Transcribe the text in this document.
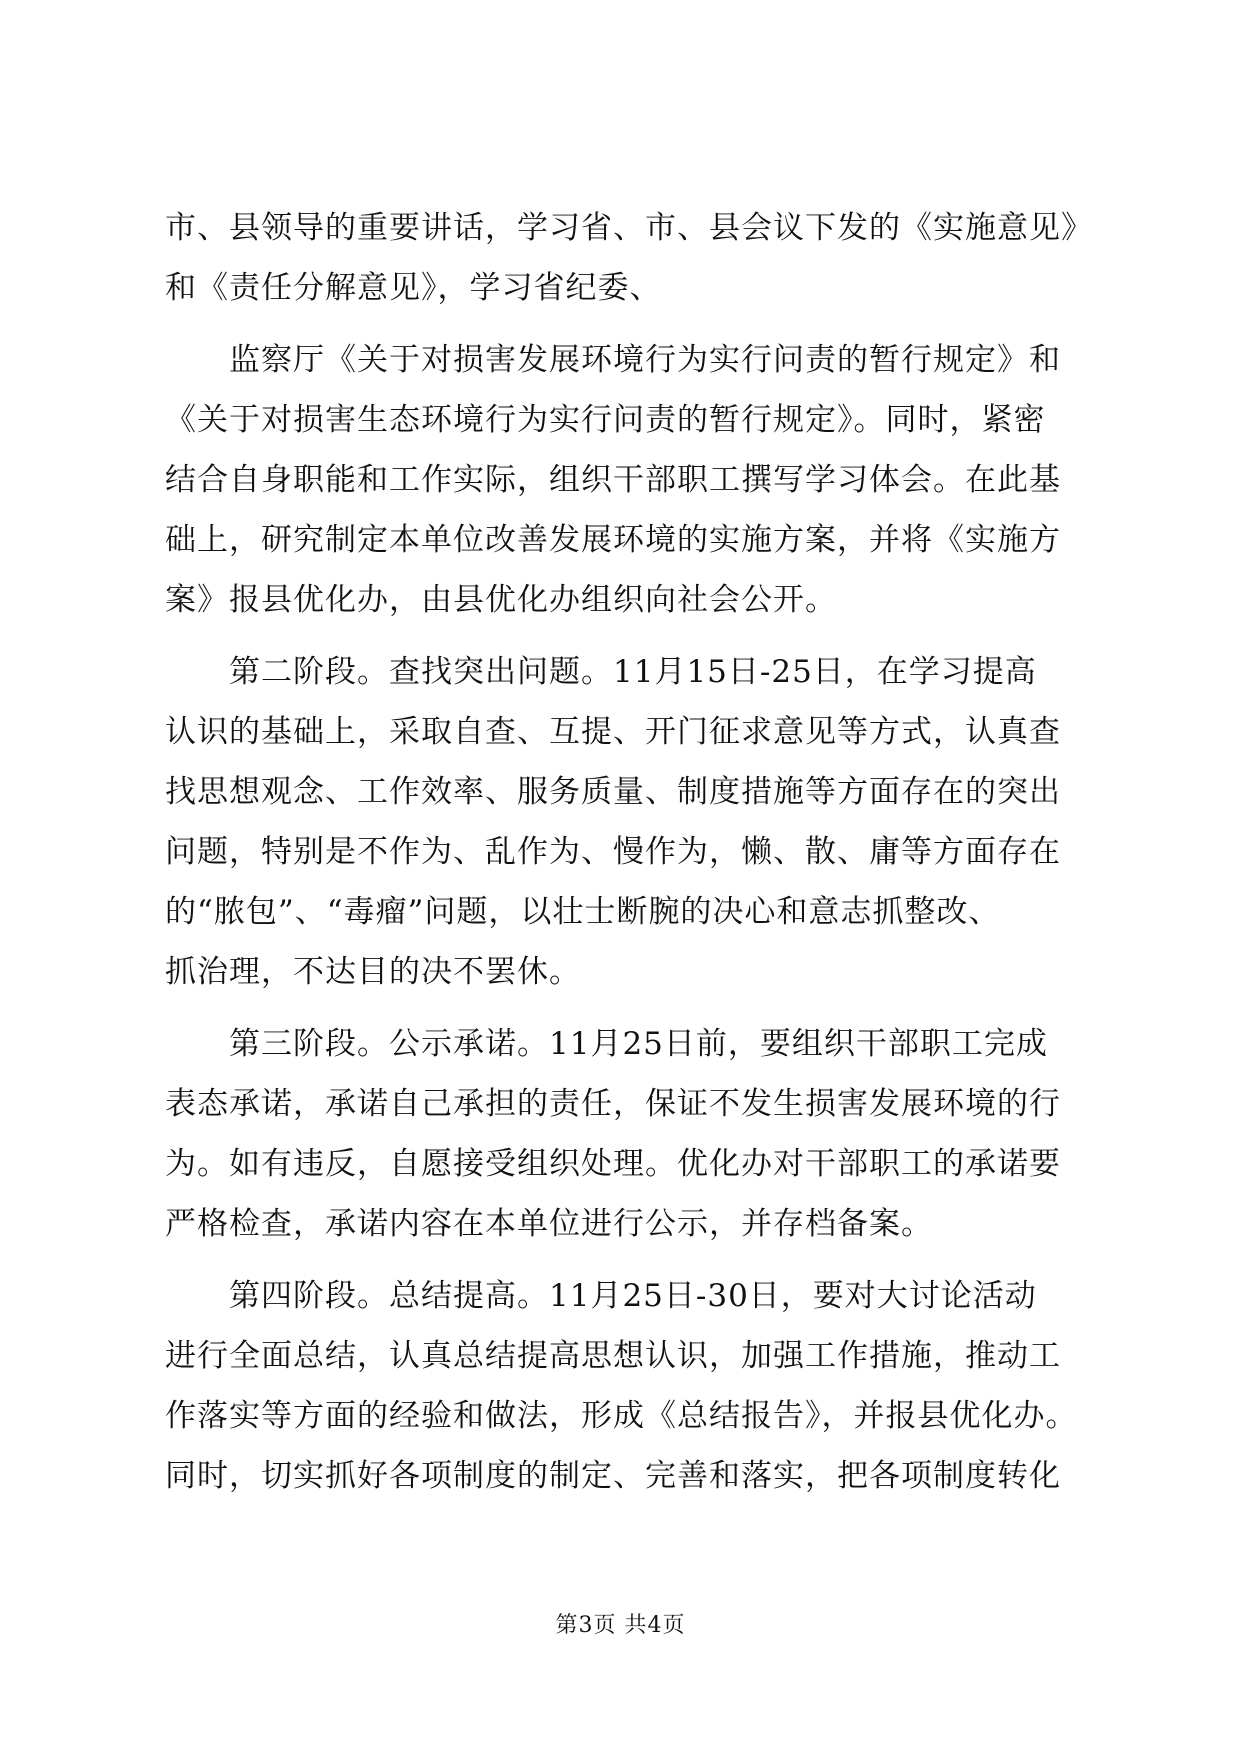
市、县领导的重要讲话，学习省、市、县会议下发的《实施意见》
和《责任分解意见》，学习省纪委、
　　监察厅《关于对损害发展环境行为实行问责的暂行规定》和
《关于对损害生态环境行为实行问责的暂行规定》。同时，紧密
结合自身职能和工作实际，组织干部职工撰写学习体会。在此基
础上，研究制定本单位改善发展环境的实施方案，并将《实施方
案》报县优化办，由县优化办组织向社会公开。
　　第二阶段。查找突出问题。11月15日-25日，在学习提高
认识的基础上，采取自查、互提、开门征求意见等方式，认真查
找思想观念、工作效率、服务质量、制度措施等方面存在的突出
问题，特别是不作为、乱作为、慢作为，懒、散、庸等方面存在
的“脓包”、“毒瘤”问题，以壮士断腕的决心和意志抓整改、
抓治理，不达目的决不罢休。
　　第三阶段。公示承诺。11月25日前，要组织干部职工完成
表态承诺，承诺自己承担的责任，保证不发生损害发展环境的行
为。如有违反，自愿接受组织处理。优化办对干部职工的承诺要
严格检查，承诺内容在本单位进行公示，并存档备案。
　　第四阶段。总结提高。11月25日-30日，要对大讨论活动
进行全面总结，认真总结提高思想认识，加强工作措施，推动工
作落实等方面的经验和做法，形成《总结报告》，并报县优化办。
同时，切实抓好各项制度的制定、完善和落实，把各项制度转化
第3页 共4页
